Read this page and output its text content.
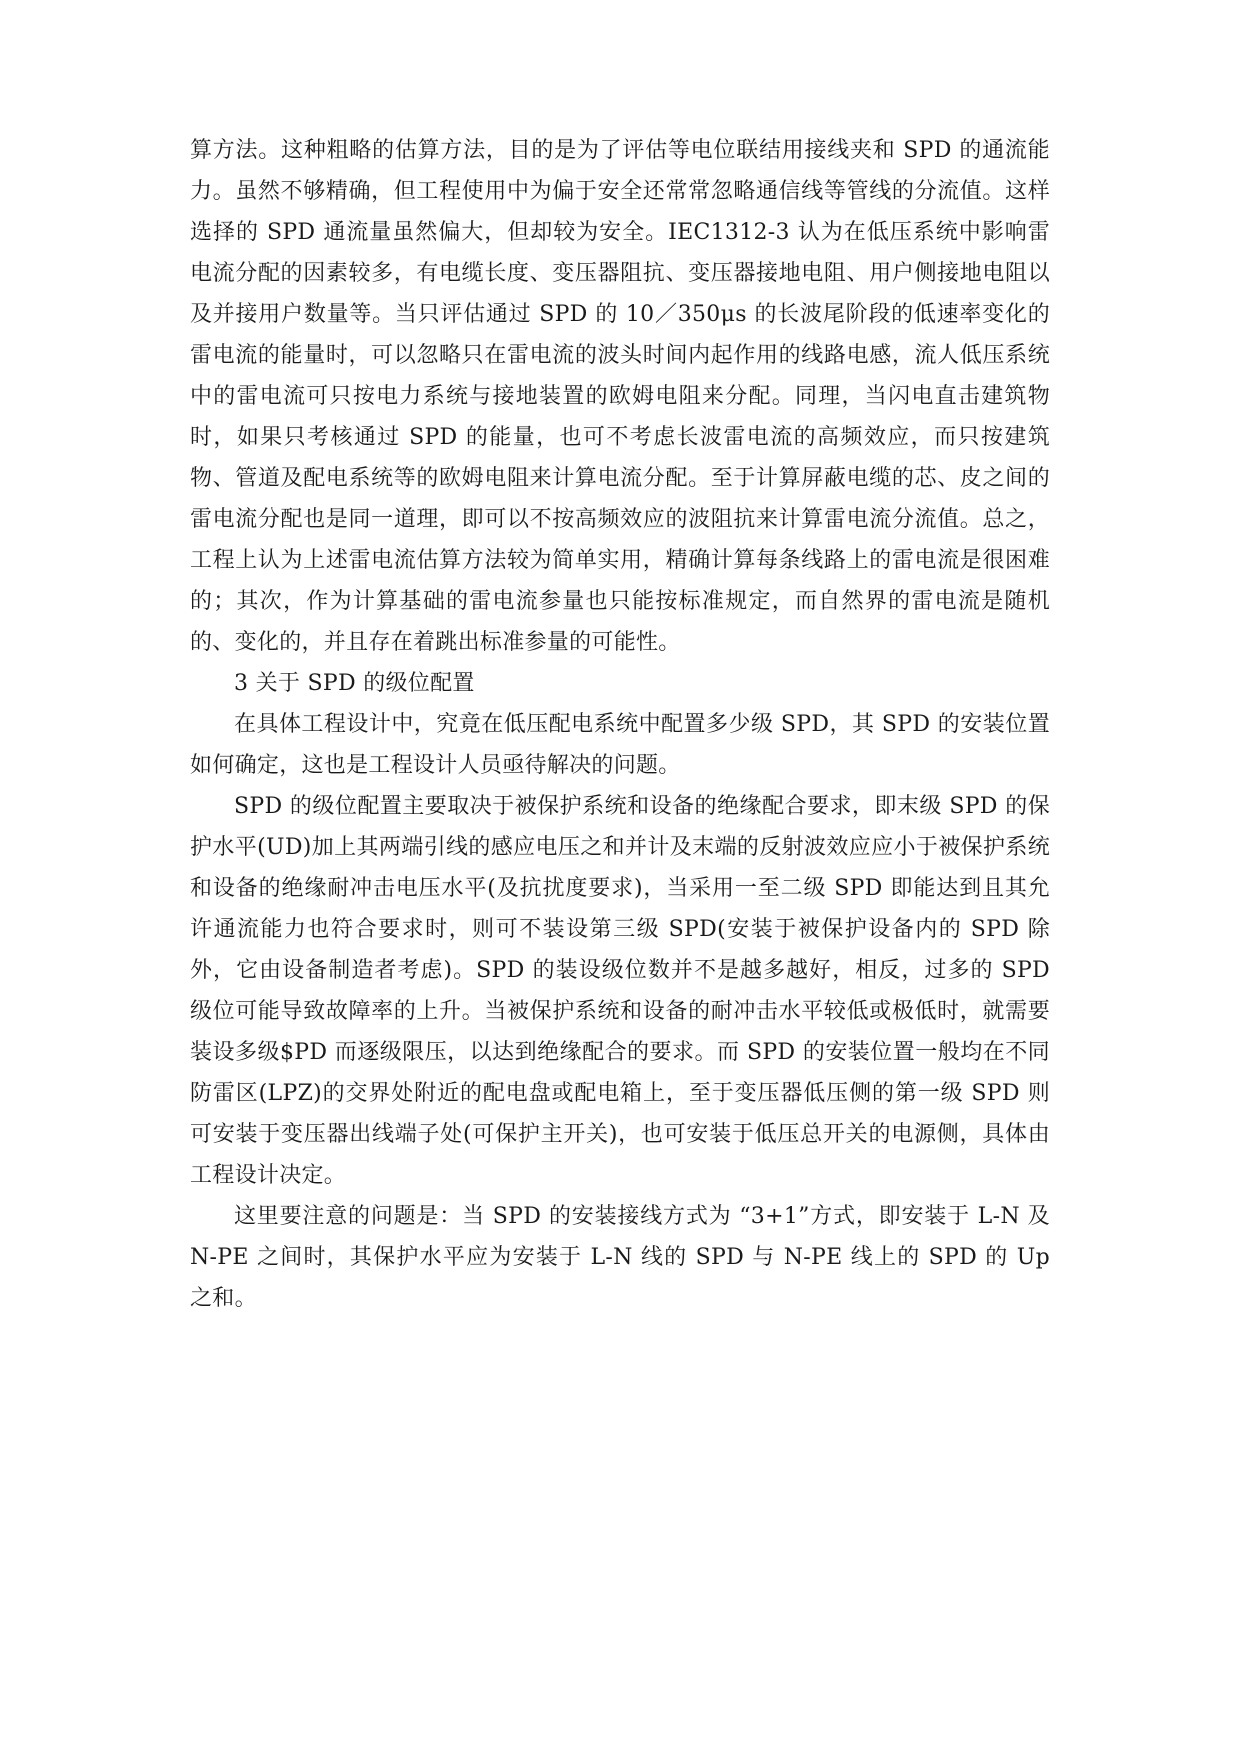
算方法。这种粗略的估算方法，目的是为了评估等电位联结用接线夹和 SPD 的通流能力。虽然不够精确，但工程使用中为偏于安全还常常忽略通信线等管线的分流值。这样选择的 SPD 通流量虽然偏大，但却较为安全。IEC1312-3 认为在低压系统中影响雷电流分配的因素较多，有电缆长度、变压器阻抗、变压器接地电阻、用户侧接地电阻以及并接用户数量等。当只评估通过 SPD 的 10／350μs 的长波尾阶段的低速率变化的雷电流的能量时，可以忽略只在雷电流的波头时间内起作用的线路电感，流人低压系统中的雷电流可只按电力系统与接地装置的欧姆电阻来分配。同理，当闪电直击建筑物时，如果只考核通过 SPD 的能量，也可不考虑长波雷电流的高频效应，而只按建筑物、管道及配电系统等的欧姆电阻来计算电流分配。至于计算屏蔽电缆的芯、皮之间的雷电流分配也是同一道理，即可以不按高频效应的波阻抗来计算雷电流分流值。总之，工程上认为上述雷电流估算方法较为简单实用，精确计算每条线路上的雷电流是很困难的；其次，作为计算基础的雷电流参量也只能按标准规定，而自然界的雷电流是随机的、变化的，并且存在着跳出标准参量的可能性。

3 关于 SPD 的级位配置

在具体工程设计中，究竟在低压配电系统中配置多少级 SPD，其 SPD 的安装位置如何确定，这也是工程设计人员亟待解决的问题。

SPD 的级位配置主要取决于被保护系统和设备的绝缘配合要求，即末级 SPD 的保护水平(UD)加上其两端引线的感应电压之和并计及末端的反射波效应应小于被保护系统和设备的绝缘耐冲击电压水平(及抗扰度要求)，当采用一至二级 SPD 即能达到且其允许通流能力也符合要求时，则可不装设第三级 SPD(安装于被保护设备内的 SPD 除外，它由设备制造者考虑)。SPD 的装设级位数并不是越多越好，相反，过多的 SPD 级位可能导致故障率的上升。当被保护系统和设备的耐冲击水平较低或极低时，就需要装设多级$PD 而逐级限压，以达到绝缘配合的要求。而 SPD 的安装位置一般均在不同防雷区(LPZ)的交界处附近的配电盘或配电箱上，至于变压器低压侧的第一级 SPD 则可安装于变压器出线端子处(可保护主开关)，也可安装于低压总开关的电源侧，具体由工程设计决定。

这里要注意的问题是：当 SPD 的安装接线方式为 “3+1”方式，即安装于 L-N 及 N-PE 之间时，其保护水平应为安装于 L-N 线的 SPD 与 N-PE 线上的 SPD 的 Up 之和。
